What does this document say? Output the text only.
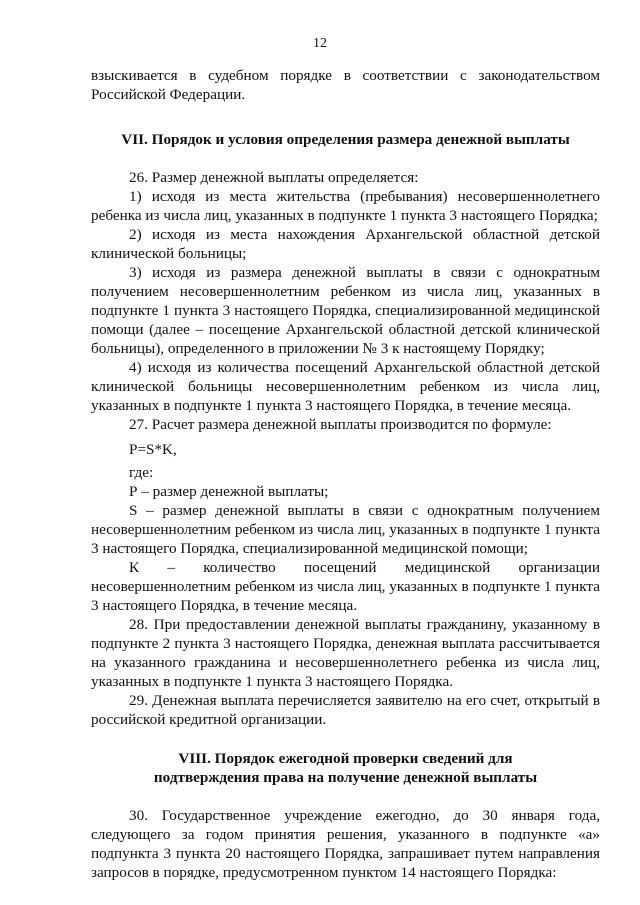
12

взыскивается в судебном порядке в соответствии с законодательством Российской Федерации.

VII. Порядок и условия определения размера денежной выплаты

26. Размер денежной выплаты определяется:

1) исходя из места жительства (пребывания) несовершеннолетнего ребенка из числа лиц, указанных в подпункте 1 пункта 3 настоящего Порядка;

2) исходя из места нахождения Архангельской областной детской клинической больницы;

3) исходя из размера денежной выплаты в связи с однократным получением несовершеннолетним ребенком из числа лиц, указанных в подпункте 1 пункта 3 настоящего Порядка, специализированной медицинской помощи (далее – посещение Архангельской областной детской клинической больницы), определенного в приложении № 3 к настоящему Порядку;

4) исходя из количества посещений Архангельской областной детской клинической больницы несовершеннолетним ребенком из числа лиц, указанных в подпункте 1 пункта 3 настоящего Порядка, в течение месяца.

27. Расчет размера денежной выплаты производится по формуле:

P=S*K,

где:

Р – размер денежной выплаты;

S – размер денежной выплаты в связи с однократным получением несовершеннолетним ребенком из числа лиц, указанных в подпункте 1 пункта 3 настоящего Порядка, специализированной медицинской помощи;

К – количество посещений медицинской организации несовершеннолетним ребенком из числа лиц, указанных в подпункте 1 пункта 3 настоящего Порядка, в течение месяца.

28. При предоставлении денежной выплаты гражданину, указанному в подпункте 2 пункта 3 настоящего Порядка, денежная выплата рассчитывается на указанного гражданина и несовершеннолетнего ребенка из числа лиц, указанных в подпункте 1 пункта 3 настоящего Порядка.

29. Денежная выплата перечисляется заявителю на его счет, открытый в российской кредитной организации.

VIII. Порядок ежегодной проверки сведений для
подтверждения права на получение денежной выплаты

30. Государственное учреждение ежегодно, до 30 января года, следующего за годом принятия решения, указанного в подпункте «а» подпункта 3 пункта 20 настоящего Порядка, запрашивает путем направления запросов в порядке, предусмотренном пунктом 14 настоящего Порядка:
